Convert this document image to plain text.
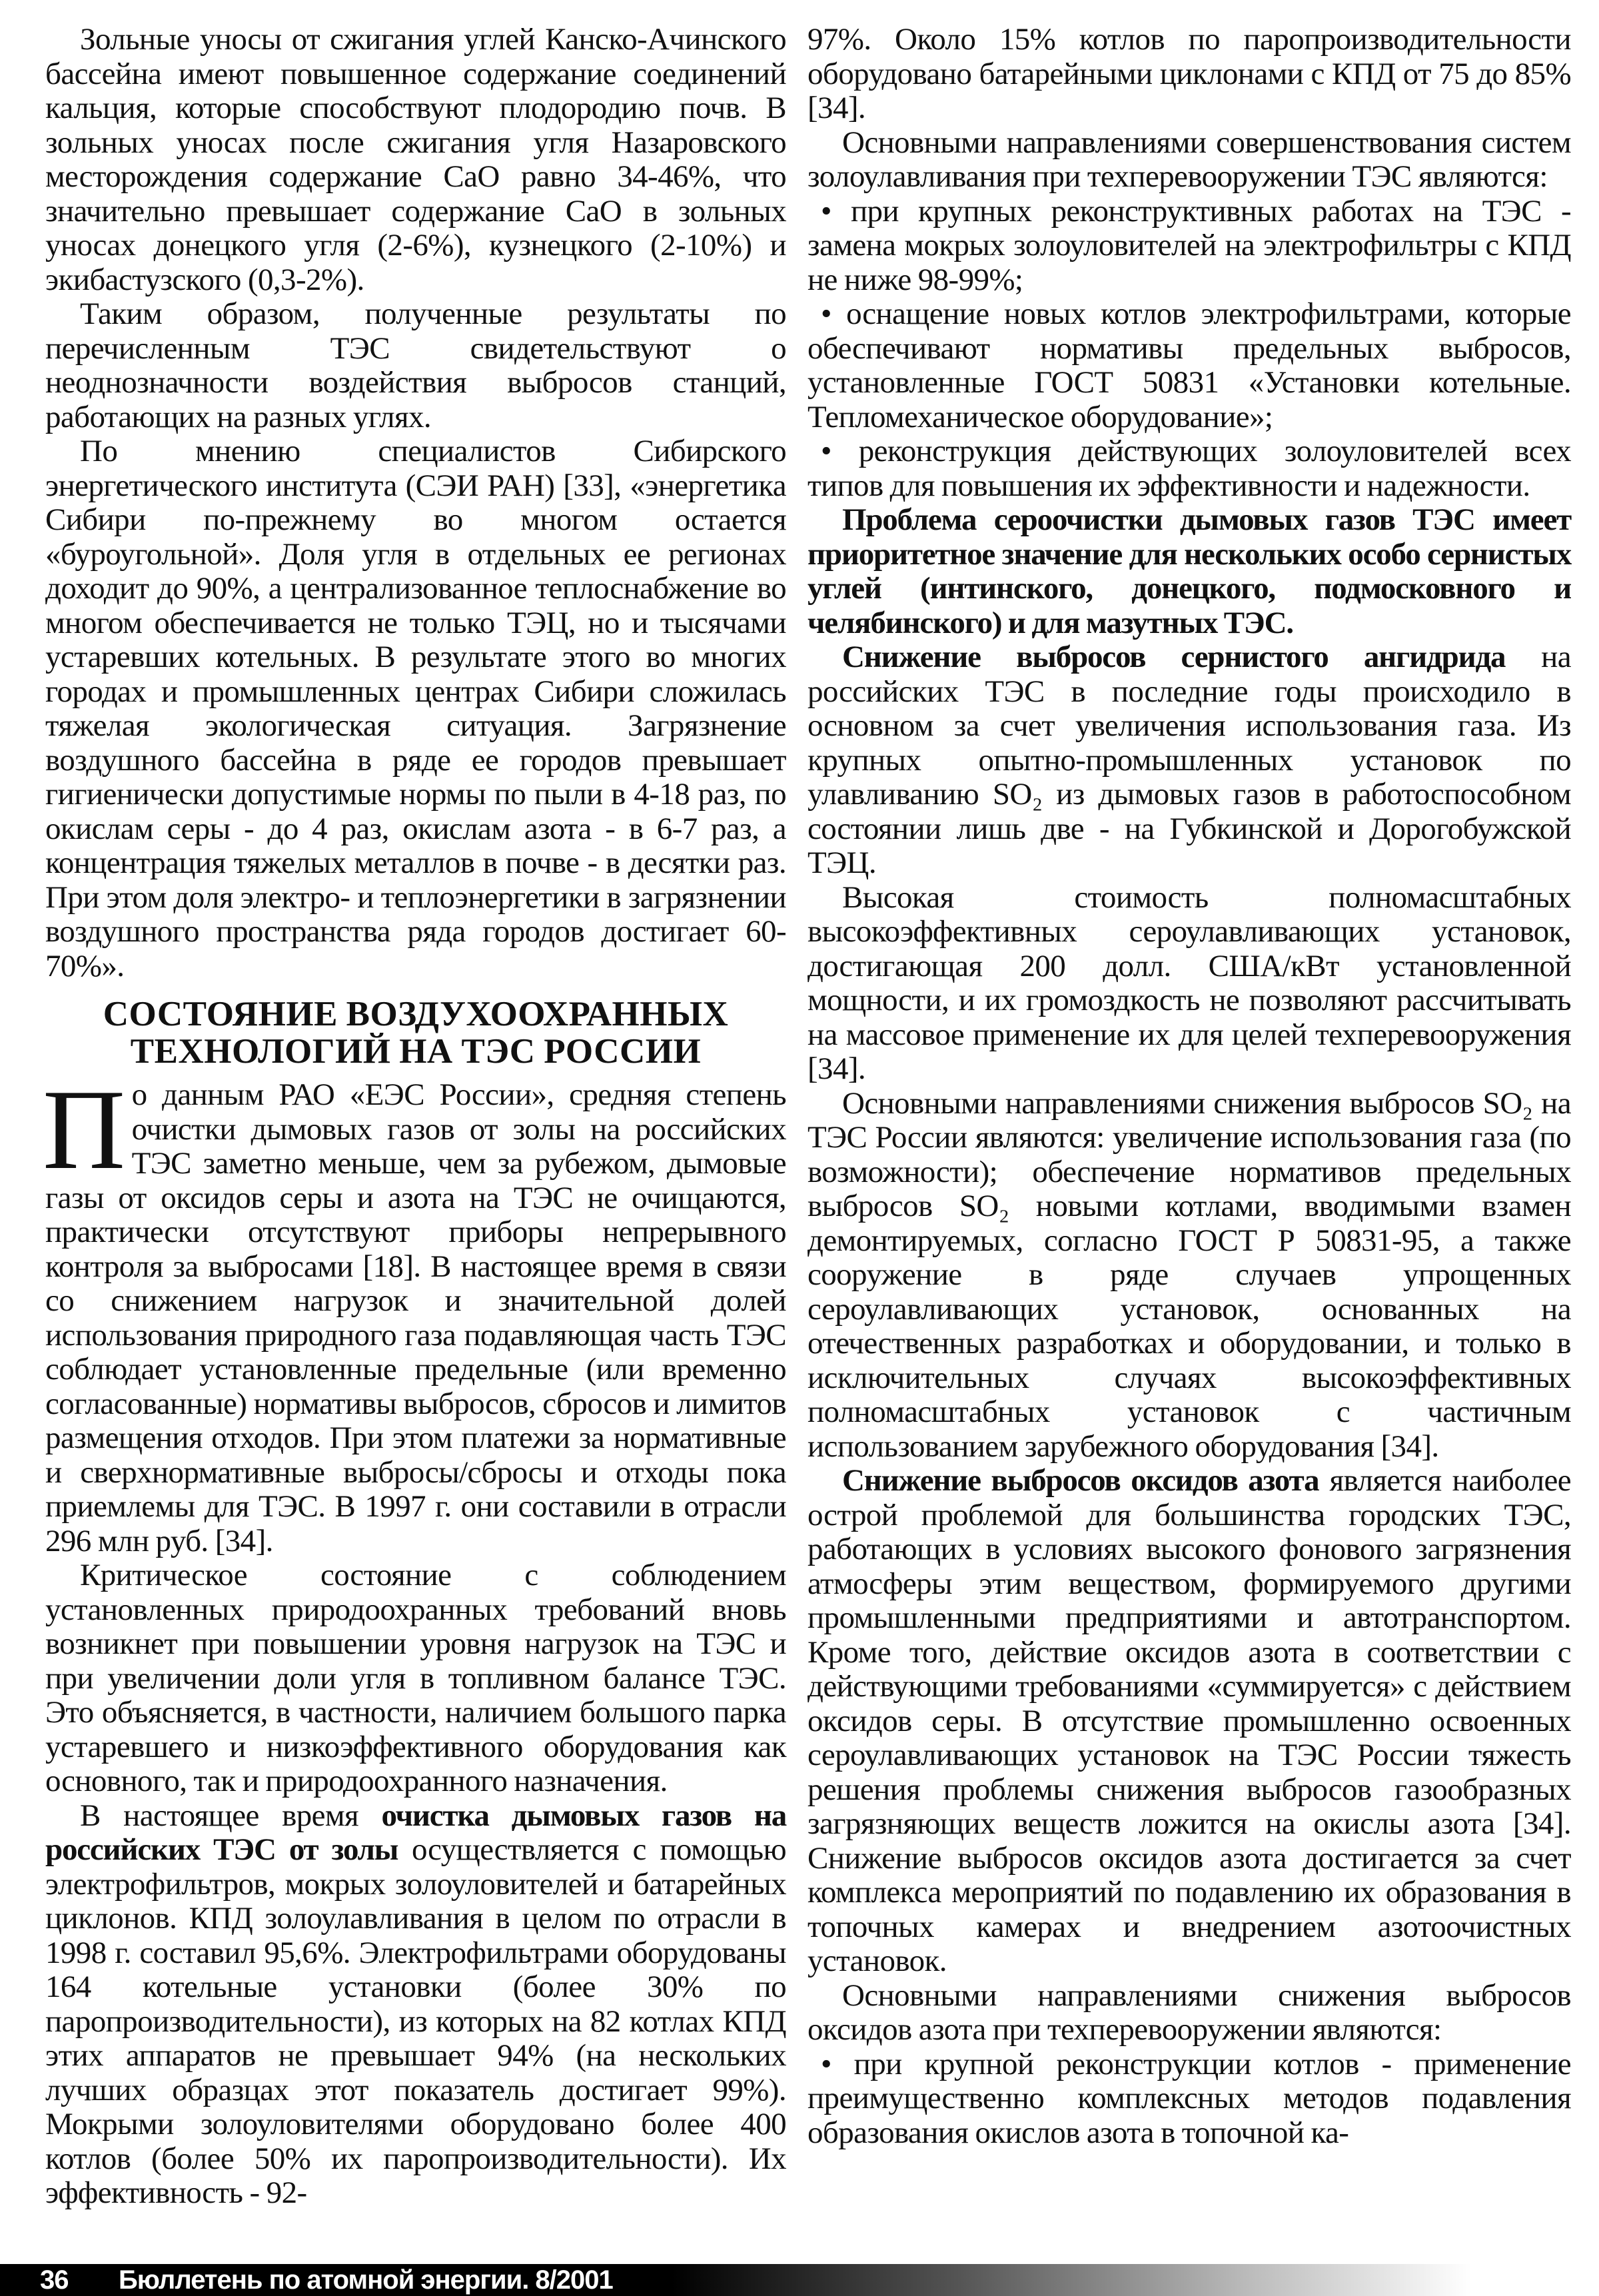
Зольные уносы от сжигания углей Канско-Ачинского бассейна имеют повышенное содержание соединений кальция, которые способствуют плодородию почв. В зольных уносах после сжигания угля Назаровского месторождения содержание CaO равно 34-46%, что значительно превышает содержание CaO в зольных уносах донецкого угля (2-6%), кузнецкого (2-10%) и экибастузского (0,3-2%).

Таким образом, полученные результаты по перечисленным ТЭС свидетельствуют о неоднозначности воздействия выбросов станций, работающих на разных углях.

По мнению специалистов Сибирского энергетического института (СЭИ РАН) [33], «энергетика Сибири по-прежнему во многом остается «буроугольной». Доля угля в отдельных ее регионах доходит до 90%, а централизованное теплоснабжение во многом обеспечивается не только ТЭЦ, но и тысячами устаревших котельных. В результате этого во многих городах и промышленных центрах Сибири сложилась тяжелая экологическая ситуация. Загрязнение воздушного бассейна в ряде ее городов превышает гигиенически допустимые нормы по пыли в 4-18 раз, по окислам серы - до 4 раз, окислам азота - в 6-7 раз, а концентрация тяжелых металлов в почве - в десятки раз. При этом доля электро- и теплоэнергетики в загрязнении воздушного пространства ряда городов достигает 60-70%».

СОСТОЯНИЕ ВОЗДУХООХРАННЫХ ТЕХНОЛОГИЙ НА ТЭС РОССИИ

По данным РАО «ЕЭС России», средняя степень очистки дымовых газов от золы на российских ТЭС заметно меньше, чем за рубежом, дымовые газы от оксидов серы и азота на ТЭС не очищаются, практически отсутствуют приборы непрерывного контроля за выбросами [18]. В настоящее время в связи со снижением нагрузок и значительной долей использования природного газа подавляющая часть ТЭС соблюдает установленные предельные (или временно согласованные) нормативы выбросов, сбросов и лимитов размещения отходов. При этом платежи за нормативные и сверхнормативные выбросы/сбросы и отходы пока приемлемы для ТЭС. В 1997 г. они составили в отрасли 296 млн руб. [34].

Критическое состояние с соблюдением установленных природоохранных требований вновь возникнет при повышении уровня нагрузок на ТЭС и при увеличении доли угля в топливном балансе ТЭС. Это объясняется, в частности, наличием большого парка устаревшего и низкоэффективного оборудования как основного, так и природоохранного назначения.

В настоящее время очистка дымовых газов на российских ТЭС от золы осуществляется с помощью электрофильтров, мокрых золоуловителей и батарейных циклонов. КПД золоулавливания в целом по отрасли в 1998 г. составил 95,6%. Электрофильтрами оборудованы 164 котельные установки (более 30% по паропроизводительности), из которых на 82 котлах КПД этих аппаратов не превышает 94% (на нескольких лучших образцах этот показатель достигает 99%). Мокрыми золоуловителями оборудовано более 400 котлов (более 50% их паропроизводительности). Их эффективность - 92-

97%. Около 15% котлов по паропроизводительности оборудовано батарейными циклонами с КПД от 75 до 85% [34].

Основными направлениями совершенствования систем золоулавливания при техперевооружении ТЭС являются:

• при крупных реконструктивных работах на ТЭС - замена мокрых золоуловителей на электрофильтры с КПД не ниже 98-99%;

• оснащение новых котлов электрофильтрами, которые обеспечивают нормативы предельных выбросов, установленные ГОСТ 50831 «Установки котельные. Тепломеханическое оборудование»;

• реконструкция действующих золоуловителей всех типов для повышения их эффективности и надежности.

Проблема сероочистки дымовых газов ТЭС имеет приоритетное значение для нескольких особо сернистых углей (интинского, донецкого, подмосковного и челябинского) и для мазутных ТЭС.

Снижение выбросов сернистого ангидрида на российских ТЭС в последние годы происходило в основном за счет увеличения использования газа. Из крупных опытно-промышленных установок по улавливанию SO₂ из дымовых газов в работоспособном состоянии лишь две - на Губкинской и Дорогобужской ТЭЦ.

Высокая стоимость полномасштабных высокоэффективных сероулавливающих установок, достигающая 200 долл. США/кВт установленной мощности, и их громоздкость не позволяют рассчитывать на массовое применение их для целей техперевооружения [34].

Основными направлениями снижения выбросов SO₂ на ТЭС России являются: увеличение использования газа (по возможности); обеспечение нормативов предельных выбросов SO₂ новыми котлами, вводимыми взамен демонтируемых, согласно ГОСТ Р 50831-95, а также сооружение в ряде случаев упрощенных сероулавливающих установок, основанных на отечественных разработках и оборудовании, и только в исключительных случаях высокоэффективных полномасштабных установок с частичным использованием зарубежного оборудования [34].

Снижение выбросов оксидов азота является наиболее острой проблемой для большинства городских ТЭС, работающих в условиях высокого фонового загрязнения атмосферы этим веществом, формируемого другими промышленными предприятиями и автотранспортом. Кроме того, действие оксидов азота в соответствии с действующими требованиями «суммируется» с действием оксидов серы. В отсутствие промышленно освоенных сероулавливающих установок на ТЭС России тяжесть решения проблемы снижения выбросов газообразных загрязняющих веществ ложится на окислы азота [34]. Снижение выбросов оксидов азота достигается за счет комплекса мероприятий по подавлению их образования в топочных камерах и внедрением азотоочистных установок.

Основными направлениями снижения выбросов оксидов азота при техперевооружении являются:

• при крупной реконструкции котлов - применение преимущественно комплексных методов подавления образования окислов азота в топочной ка-

36 Бюллетень по атомной энергии. 8/2001
